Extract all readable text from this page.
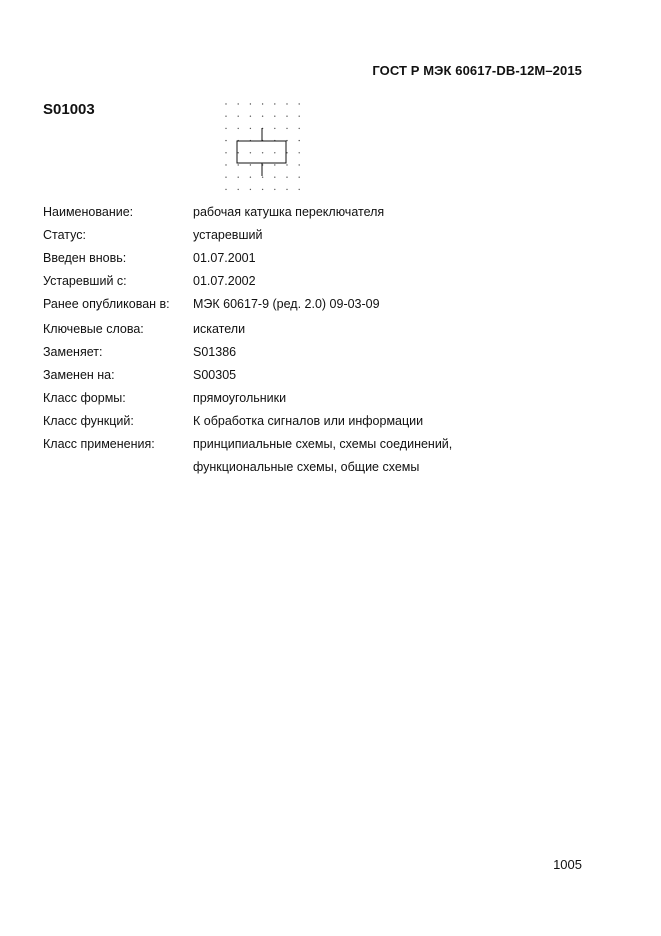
ГОСТ Р МЭК 60617-DB-12M–2015
S01003
Наименование:	рабочая катушка переключателя
Статус:	устаревший
Введен вновь:	01.07.2001
Устаревший с:	01.07.2002
Ранее опубликован в: МЭК 60617-9 (ред. 2.0) 09-03-09
Ключевые слова:	искатели
Заменяет:	S01386
Заменен на:	S00305
Класс формы:	прямоугольники
Класс функций:	К обработка сигналов или информации
Класс применения:	принципиальные схемы, схемы соединений,
функциональные схемы, общие схемы
1005
